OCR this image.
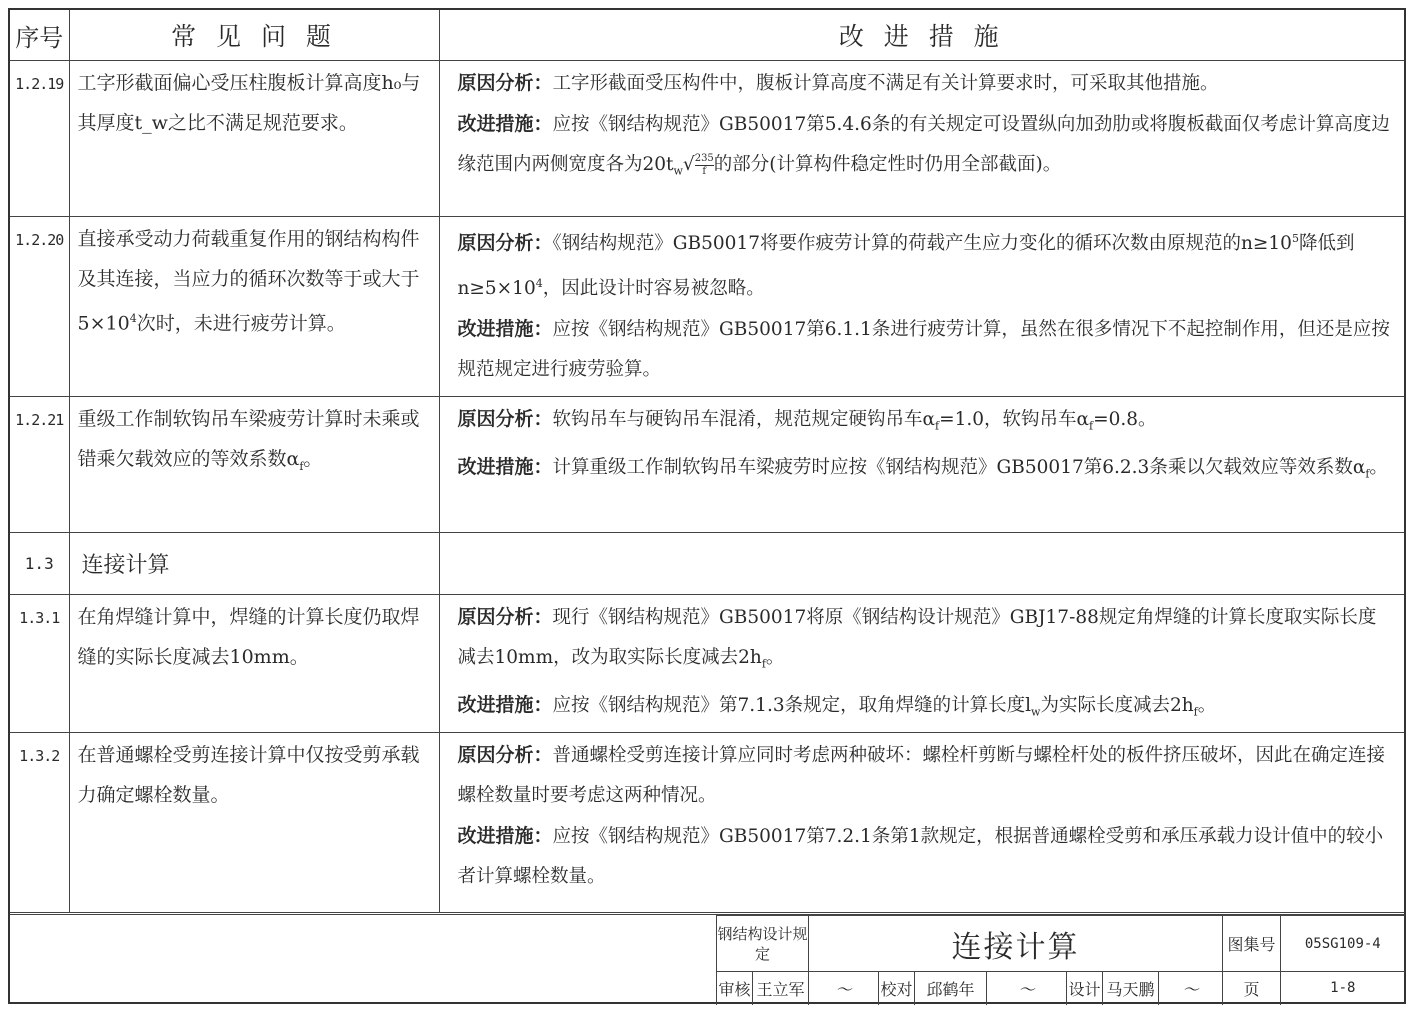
序号	常 见 问 题	改 进 措 施
1.2.19	工字形截面偏心受压柱腹板计算高度h₀与其厚度t_w之比不满足规范要求。	原因分析：工字形截面受压构件中，腹板计算高度不满足有关计算要求时，可采取其他措施。
改进措施：应按《钢结构规范》GB50017第5.4.6条的有关规定可设置纵向加劲肋或将腹板截面仅考虑计算高度边缘范围内两侧宽度各为$20t_w√ \frac{235}{f}$ 的部分(计算构件稳定性时仍用全部截面)。

1.2.20	直接承受动力荷载重复作用的钢结构构件及其连接，当应力的循环次数等于或大于$5\times 10^4$次时，未进行疲劳计算。	原因分析：《钢结构规范》GB50017将要作疲劳计算的荷载产生应力变化的循环次数由原规范的$n\ge 10^5$降低到$n\ge 5\times 10^4$，因此设计时容易被忽略。
改进措施：应按《钢结构规范》GB50017第6.1.1条进行疲劳计算，虽然在很多情况下不起控制作用，但还是应按规范规定进行疲劳验算。

1.2.21	重级工作制软钩吊车梁疲劳计算时未乘或错乘欠载效应的等效系数$\alpha_f$。	原因分析：软钩吊车与硬钩吊车混淆，规范规定硬钩吊车$\alpha_f=1.0$，软钩吊车$\alpha_f=0.8$。
改进措施：计算重级工作制软钩吊车梁疲劳时应按《钢结构规范》GB50017第6.2.3条乘以欠载效应等效系数$\alpha_f$。

1.3	连接计算	
1.3.1	在角焊缝计算中，焊缝的计算长度仍取焊缝的实际长度减去10mm。	原因分析：现行《钢结构规范》GB50017将原《钢结构设计规范》GBJ17-88规定角焊缝的计算长度取实际长度减去10mm，改为取实际长度减去$2h_f$。
改进措施：应按《钢结构规范》第7.1.3条规定，取角焊缝的计算长度$l_w$为实际长度减去$2h_f$。

1.3.2	在普通螺栓受剪连接计算中仅按受剪承载力确定螺栓数量。	原因分析：普通螺栓受剪连接计算应同时考虑两种破坏：螺栓杆剪断与螺栓杆处的板件挤压破坏，因此在确定连接螺栓数量时要考虑这两种情况。
改进措施：应按《钢结构规范》GB50017第7.2.1条第1款规定，根据普通螺栓受剪和承压承载力设计值中的较小者计算螺栓数量。
钢结构设计规定		连接计算							图集号	05SG109-4
审核	王立军	〜	校对	邱鹤年	〜	设计	马天鹏	〜	页	1-8
